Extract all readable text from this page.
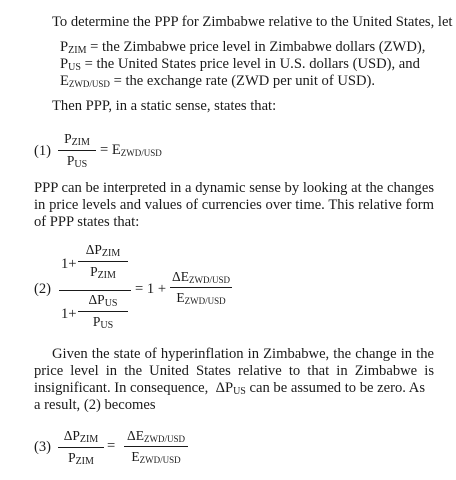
To determine the PPP for Zimbabwe relative to the United States, let
$P_{ZIM}$ = the Zimbabwe price level in Zimbabwe dollars (ZWD),
$P_{US}$ = the United States price level in U.S. dollars (USD), and
EZWD/USD = the exchange rate (ZWD per unit of USD).
Then PPP, in a static sense, states that:
(1)
$P_{ZIM}$
$P_{US}$
= EZWD/USD
PPP can be interpreted in a dynamic sense by looking at the changes
in price levels and values of currencies over time. This relative form
of PPP states that:
(2)
1+
$\Delta P_{ZIM}$
$P_{ZIM}$
1+
$\Delta P_{US}$
$P_{US}$
= 1 +
ΔEZWD/USD
EZWD/USD
Given the state of hyperinflation in Zimbabwe, the change in the
price level in the United States relative to that in Zimbabwe is
insignificant. In consequence, $\Delta P_{US}$ can be assumed to be zero. As
a result, (2) becomes
(3)
$\Delta P_{ZIM}$
$P_{ZIM}$
=
ΔEZWD/USD
EZWD/USD
